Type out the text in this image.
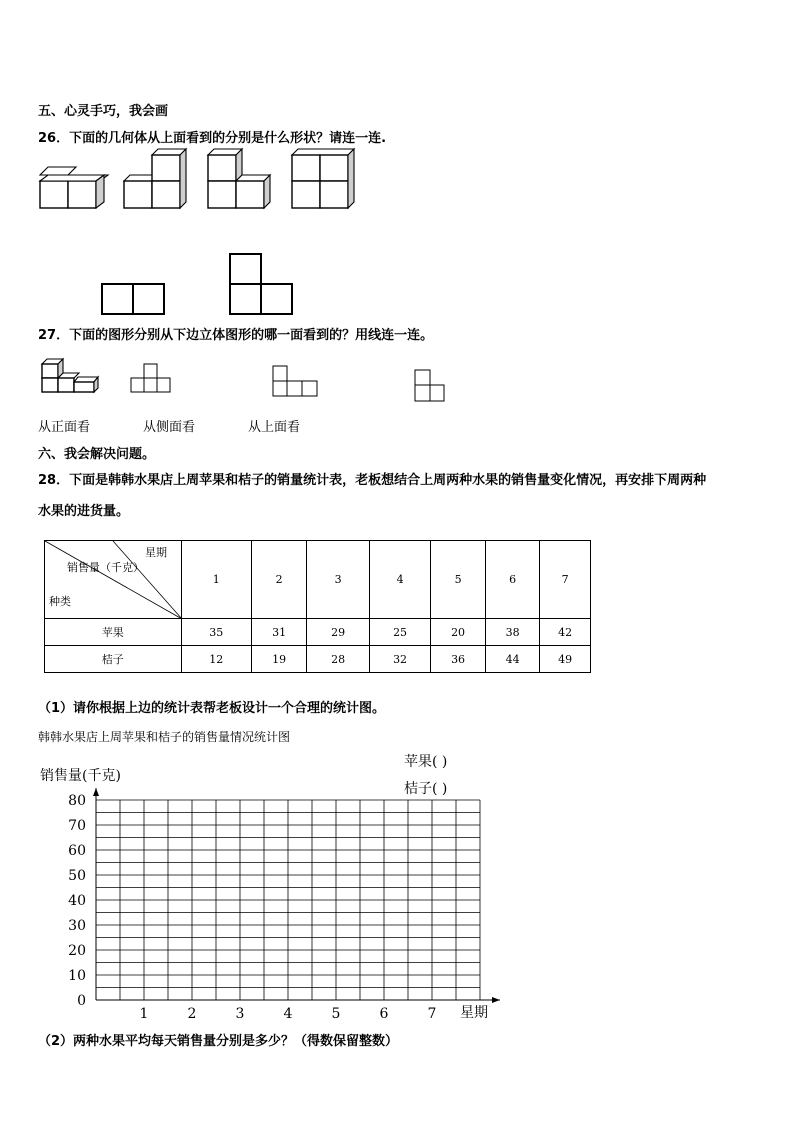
五、心灵手巧，我会画
26．下面的几何体从上面看到的分别是什么形状？请连一连.
27．下面的图形分别从下边立体图形的哪一面看到的？用线连一连。
从正面看	从侧面看	从上面看
六、我会解决问题。
28．下面是韩韩水果店上周苹果和桔子的销量统计表，老板想结合上周两种水果的销售量变化情况，再安排下周两种
水果的进货量。
星期
销售量（千克）
种类	1	2	3	4	5	6	7
苹果	35	31	29	25	20	38	42
桔子	12	19	28	32	36	44	49
（1）请你根据上边的统计表帮老板设计一个合理的统计图。
韩韩水果店上周苹果和桔子的销售量情况统计图
销售量(千克)
苹果( )
桔子( )
0
10
20
30
40
50
60
70
80
1	2	3	4	5	6	7 星期
（2）两种水果平均每天销售量分别是多少？（得数保留整数）
